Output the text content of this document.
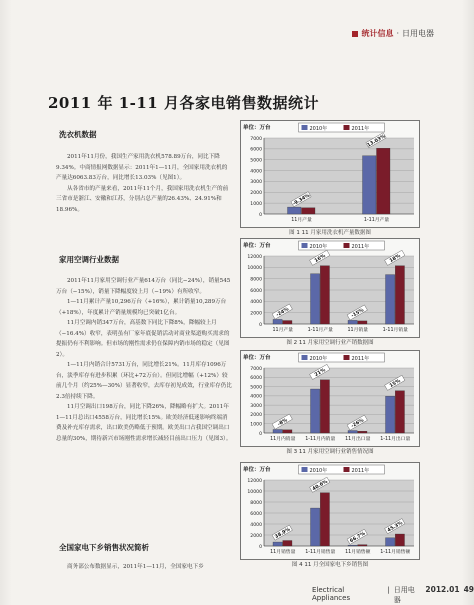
统计信息 · 日用电器
2011 年 1-11 月各家电销售数据统计
洗衣机数据

2011年11月份，我国生产家用洗衣机578.89万台，同比下降9.34%。中商情报网数据显示：2011年1—11月，全国家用洗衣机的产量达6063.83万台，同比增长13.03%（见图1）。

从各省市的产量来看，2011年11个月，我国家用洗衣机生产的前三省市是浙江、安徽和江苏，分别占总产量的26.43%、24.91%和18.96%。

家用空调行业数据

2011年11月家用空调行业产量614万台（同比−24%），销量545万台（−15%），销量下降幅度较上月（−19%）有所收窄。

1—11月累计产量10,296万台（+16%），累计销量10,289万台（+18%），年度累计产销量规模均已突破1亿台。

11月空调内销347万台，高基数下同比下降8%，降幅较上月（−16.4%）收窄，表明虽有厂家年底促销活动对商业渠道购买需求的提振仍有不利影响。但市场的刚性需求仍在保障内销市场的稳定（见图2）。

1—11月内销合计5731万台，同比增长21%。11月库存1096万台，淡季库存有进步积累（环比+72万台）。但同比增幅（+12%）较前几个月（约25%—30%）显著收窄，去库存初见成效，行业库存仍比2.3倍持续下降。

11月空调出口198万台，同比下降26%，降幅略有扩大。2011年1—11月总出口4558万台，同比增长15%。欧美经济低迷影响终端消费及补充库存需求，出口欧美仍略低于预期。欧美出口占我国空调出口总量的30%，期待新兴市场刚性需求增长减轻目前出口压力（见图3）。

全国家电下乡销售状况简析

商务部公布数据显示，2011年1—11月，全国家电下乡

单位：万台	2010年	2011年
0
1000
2000
3000
4000
5000
6000
7000
11月产量
-9.34%
1-11月产量
13.03%
图 1 11 月家用洗衣机产量数据图
单位：万台	2010年	2011年
0
2000
4000
6000
8000
10000
12000
11月产量
-24%
1-11月产量
16%
11月销量
-15%
1-11月销量
18%
图 2 11 月家用空调行业产销数据图
单位：万台	2010年	2011年
0
1000
2000
3000
4000
5000
6000
7000
11月内销量
-8%
1-11月内销量
21%
11月出口量
-26%
1-11月出口量
15%
图 3 11 月家用空调行业销售情况图
单位：万台	2010年	2011年
0
2000
4000
6000
8000
10000
12000
11月销售量
38.9%
1-11月销售量
40.6%
11月销售额
66.7%
1-11月销售额
45.3%
图 4 11 月全国家电下乡销售图
Electrical Appliances
| 日用电器
2012.01 49
